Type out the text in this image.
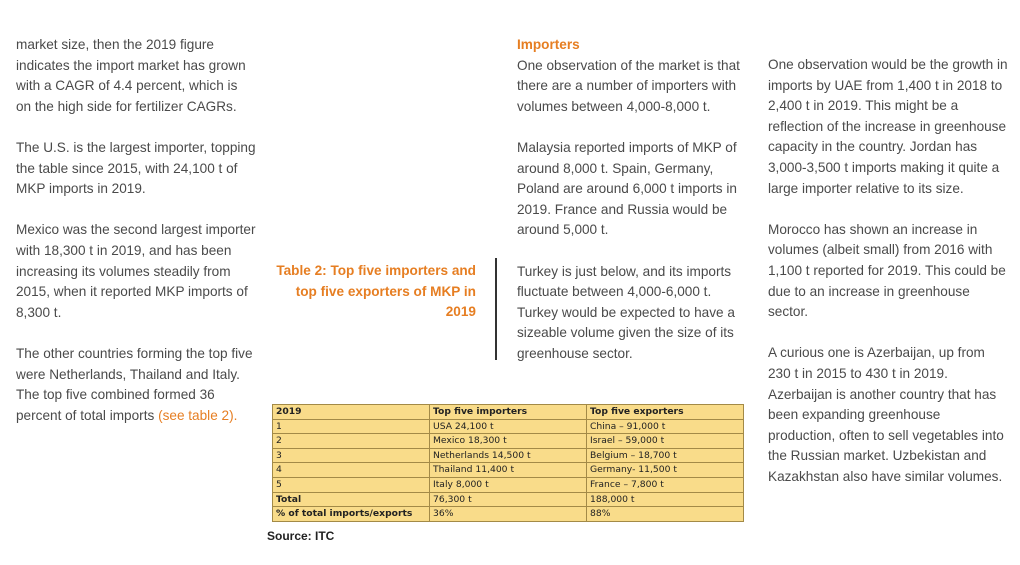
market size, then the 2019 figure indicates the import market has grown with a CAGR of 4.4 percent, which is on the high side for fertilizer CAGRs.

The U.S. is the largest importer, topping the table since 2015, with 24,100 t of MKP imports in 2019.

Mexico was the second largest importer with 18,300 t in 2019, and has been increasing its volumes steadily from 2015, when it reported MKP imports of 8,300 t.

The other countries forming the top five were Netherlands, Thailand and Italy. The top five combined formed 36 percent of total imports (see table 2).

Table 2: Top five importers and top five exporters of MKP in 2019
Importers

One observation of the market is that there are a number of importers with volumes between 4,000-8,000 t.

Malaysia reported imports of MKP of around 8,000 t. Spain, Germany, Poland are around 6,000 t imports in 2019. France and Russia would be around 5,000 t.

Turkey is just below, and its imports fluctuate between 4,000-6,000 t. Turkey would be expected to have a sizeable volume given the size of its greenhouse sector.

One observation would be the growth in imports by UAE from 1,400 t in 2018 to 2,400 t in 2019. This might be a reflection of the increase in greenhouse capacity in the country. Jordan has 3,000-3,500 t imports making it quite a large importer relative to its size.

Morocco has shown an increase in volumes (albeit small) from 2016 with 1,100 t reported for 2019. This could be due to an increase in greenhouse sector.

A curious one is Azerbaijan, up from 230 t in 2015 to 430 t in 2019. Azerbaijan is another country that has been expanding greenhouse production, often to sell vegetables into the Russian market. Uzbekistan and Kazakhstan also have similar volumes.

2019	Top five importers	Top five exporters
1	USA 24,100 t	China – 91,000 t
2	Mexico 18,300 t	Israel – 59,000 t
3	Netherlands 14,500 t	Belgium – 18,700 t
4	Thailand 11,400 t	Germany- 11,500 t
5	Italy 8,000 t	France – 7,800 t
Total	76,300 t	188,000 t
% of total imports/exports	36%	88%
Source: ITC
